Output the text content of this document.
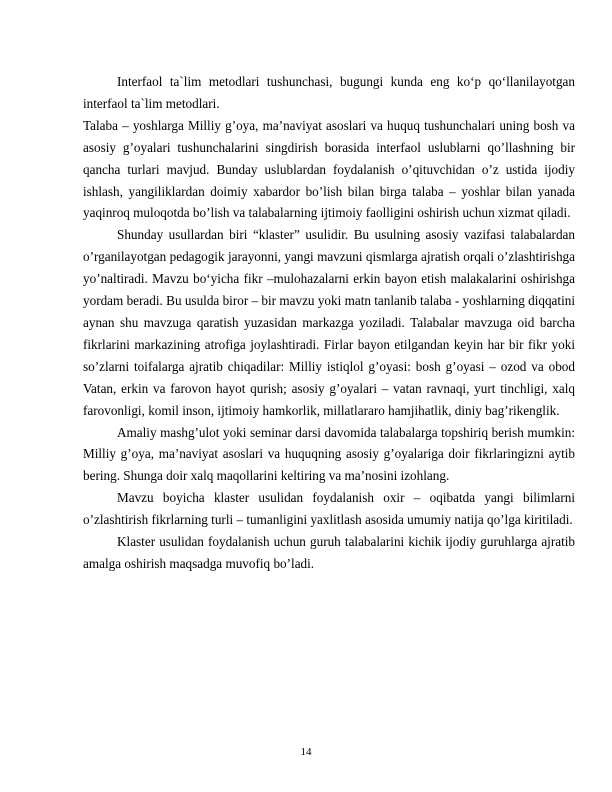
Interfaol ta`lim metodlari tushunchasi, bugungi kunda eng ko‘p qo‘llanilayotgan interfaol ta`lim metodlari.

Talaba – yoshlarga Milliy g’oya, ma’naviyat asoslari va huquq tushunchalari uning bosh va asosiy g’oyalari tushunchalarini singdirish borasida interfaol uslublarni qo’llashning bir qancha turlari mavjud. Bunday uslublardan foydalanish o’qituvchidan o’z ustida ijodiy ishlash, yangiliklardan doimiy xabardor bo’lish bilan birga talaba – yoshlar bilan yanada yaqinroq muloqotda bo’lish va talabalarning ijtimoiy faolligini oshirish uchun xizmat qiladi.

Shunday usullardan biri “klaster” usulidir. Bu usulning asosiy vazifasi talabalardan o’rganilayotgan pedagogik jarayonni, yangi mavzuni qismlarga ajratish orqali o’zlashtirishga yo’naltiradi. Mavzu bo‘yicha fikr –mulohazalarni erkin bayon etish malakalarini oshirishga yordam beradi. Bu usulda biror – bir mavzu yoki matn tanlanib talaba - yoshlarning diqqatini aynan shu mavzuga qaratish yuzasidan markazga yoziladi. Talabalar mavzuga oid barcha fikrlarini markazining atrofiga joylashtiradi. Firlar bayon etilgandan keyin har bir fikr yoki so’zlarni toifalarga ajratib chiqadilar: Milliy istiqlol g’oyasi: bosh g’oyasi – ozod va obod Vatan, erkin va farovon hayot qurish; asosiy g’oyalari – vatan ravnaqi, yurt tinchligi, xalq farovonligi, komil inson, ijtimoiy hamkorlik, millatlararo hamjihatlik, diniy bag’rikenglik.

Amaliy mashg’ulot yoki seminar darsi davomida talabalarga topshiriq berish mumkin: Milliy g’oya, ma’naviyat asoslari va huquqning asosiy g’oyalariga doir fikrlaringizni aytib bering. Shunga doir xalq maqollarini keltiring va ma’nosini izohlang.

Mavzu boyicha klaster usulidan foydalanish oxir – oqibatda yangi bilimlarni o’zlashtirish fikrlarning turli – tumanligini yaxlitlash asosida umumiy natija qo’lga kiritiladi.

Klaster usulidan foydalanish uchun guruh talabalarini kichik ijodiy guruhlarga ajratib amalga oshirish maqsadga muvofiq bo’ladi.

14
